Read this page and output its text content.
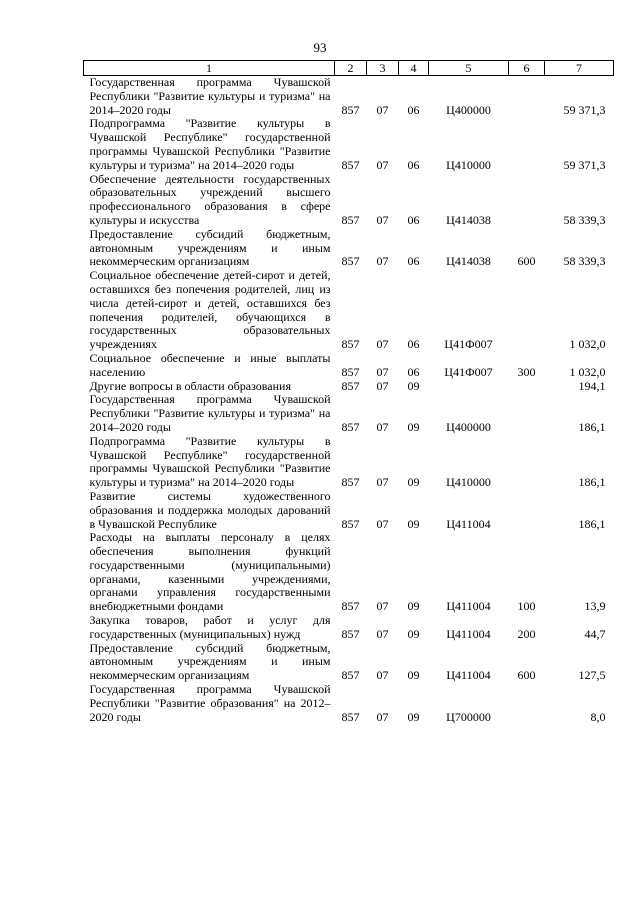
93
1	2	3	4	5	6	7
Государственная программа Чувашской Республики "Развитие культуры и туризма" на 2014–2020 годы	857	07	06	Ц400000		59 371,3
Подпрограмма "Развитие культуры в Чувашской Республике" государственной программы Чувашской Республики "Развитие культуры и туризма" на 2014–2020 годы	857	07	06	Ц410000		59 371,3
Обеспечение деятельности государственных образовательных учреждений высшего профессионального образования в сфере культуры и искусства	857	07	06	Ц414038		58 339,3
Предоставление субсидий бюджетным, автономным учреждениям и иным некоммерческим организациям	857	07	06	Ц414038	600	58 339,3
Социальное обеспечение детей-сирот и детей, оставшихся без попечения родителей, лиц из числа детей-сирот и детей, оставшихся без попечения родителей, обучающихся в государственных образовательных учреждениях	857	07	06	Ц41Ф007		1 032,0
Социальное обеспечение и иные выплаты населению	857	07	06	Ц41Ф007	300	1 032,0
Другие вопросы в области образования	857	07	09			194,1
Государственная программа Чувашской Республики "Развитие культуры и туризма" на 2014–2020 годы	857	07	09	Ц400000		186,1
Подпрограмма "Развитие культуры в Чувашской Республике" государственной программы Чувашской Республики "Развитие культуры и туризма" на 2014–2020 годы	857	07	09	Ц410000		186,1
Развитие системы художественного образования и поддержка молодых дарований в Чувашской Республике	857	07	09	Ц411004		186,1
Расходы на выплаты персоналу в целях обеспечения выполнения функций государственными (муниципальными) органами, казенными учреждениями, органами управления государственными внебюджетными фондами	857	07	09	Ц411004	100	13,9
Закупка товаров, работ и услуг для государственных (муниципальных) нужд	857	07	09	Ц411004	200	44,7
Предоставление субсидий бюджетным, автономным учреждениям и иным некоммерческим организациям	857	07	09	Ц411004	600	127,5
Государственная программа Чувашской Республики "Развитие образования" на 2012–2020 годы	857	07	09	Ц700000		8,0
